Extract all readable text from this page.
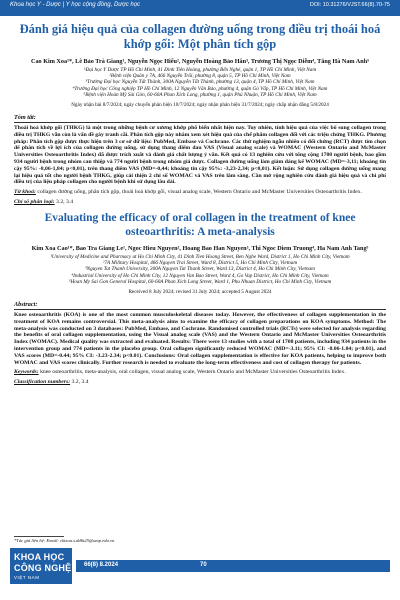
Khoa học Y - Dược | Y học cộng đồng, Dược học	DOI: 10.31276/VJST.66(8).70-75
Đánh giá hiệu quả của collagen đường uống trong điều trị thoái hoá khớp gối: Một phân tích gộp
Cao Kim Xoa¹*, Lê Bảo Trà Giang¹, Nguyễn Ngọc Hiếu², Nguyễn Hoàng Bảo Hân³, Trương Thị Ngọc Diễm⁴, Tăng Hà Nam Anh⁵
¹Đại học Y Dược TP Hồ Chí Minh, 41 Đinh Tiên Hoàng, phường Bến Nghé, quận 1, TP Hồ Chí Minh, Việt Nam
²Bệnh viện Quân y 7A, 466 Nguyễn Trãi, phường 8, quận 5, TP Hồ Chí Minh, Việt Nam
³Trường Đại học Nguyễn Tất Thành, 300A Nguyễn Tất Thành, phường 13, quận 4, TP Hồ Chí Minh, Việt Nam
⁴Trường Đại học Công nghiệp TP Hồ Chí Minh, 12 Nguyễn Văn Bảo, phường 4, quận Gò Vấp, TP Hồ Chí Minh, Việt Nam
⁵Bệnh viện Hoàn Mỹ Sài Gòn, 60-60A Phan Xích Long, phường 1, quận Phú Nhuận, TP Hồ Chí Minh, Việt Nam
Ngày nhận bài 8/7/2024; ngày chuyển phản biện 10/7/2024; ngày nhận phản biện 31/7/2024; ngày chấp nhận đăng 5/8/2024
Tóm tắt:
Thoái hoá khớp gối (THKG) là một trong những bệnh cơ xương khớp phổ biến nhất hiện nay. Tuy nhiên, tính hiệu quả của việc bổ sung collagen trong điều trị THKG vẫn còn là vấn đề gây tranh cãi. Phân tích gộp này nhằm xem xét hiệu quả của chế phẩm collagen đối với các triệu chứng THKG. Phương pháp: Phân tích gộp được thực hiện trên 3 cơ sở dữ liệu: PubMed, Embase và Cochrane. Các thử nghiệm ngẫu nhiên có đối chứng (RCT) được tìm chọn để phân tích về lợi ích của collagen đường uống, sử dụng thang điểm đau VAS (Visual analog scale) và WOMAC (Western Ontario and McMaster Universities Osteoarthritis Index) đã được trích xuất và đánh giá chất lượng ý văn. Kết quả có 13 nghiên cứu với tổng cộng 1708 người bệnh, bao gồm 934 người bệnh trong nhóm can thiệp và 774 người bệnh trong nhóm giả dược. Collagen đường uống làm giảm đáng kể WOMAC (MD=-3,11; khoảng tin cậy 95%: -8,06-1,84; p<0,01), trên thang điểm VAS (MD=-0,44; khoảng tin cậy 95%: -3,23-2,34; p<0,01). Kết luận: Sử dụng collagen đường uống mang lại hiệu quả tốt cho người bệnh THKG, giúp cải thiện 2 chỉ số WOMAC và VAS trên lâm sàng. Cần mở rộng nghiên cứu đánh giá hiệu quả và chi phí điều trị của liệu pháp collagen cho người bệnh khi sử dụng lâu dài.
Từ khoá: collagen đường uống, phân tích gộp, thoái hoá khớp gối, visual analog scale, Western Ontario and McMaster Universities Osteoarthritis Index.
Chỉ số phân loại: 3.2, 3.4
Evaluating the efficacy of oral collagen in the treatment of knee osteoarthritis: A meta-analysis
Kim Xoa Cao¹*, Bao Tra Giang Le¹, Ngoc Hieu Nguyen², Hoang Bao Han Nguyen³, Thi Ngoc Diem Truong⁴, Ha Nam Anh Tang⁵
¹University of Medicine and Pharmacy at Ho Chi Minh City, 41 Dinh Tien Hoang Street, Ben Nghe Ward, District 1, Ho Chi Minh City, Vietnam
²7A Military Hospital, 466 Nguyen Trai Street, Ward 8, District 5, Ho Chi Minh City, Vietnam
³Nguyen Tat Thanh University, 300A Nguyen Tat Thanh Street, Ward 13, District 4, Ho Chi Minh City, Vietnam
⁴Industrial University of Ho Chi Minh City, 12 Nguyen Van Bao Street, Ward 4, Go Vap District, Ho Chi Minh City, Vietnam
⁵Hoan My Sai Gon General Hospital, 60-60A Phan Xich Long Street, Ward 1, Phu Nhuan District, Ho Chi Minh City, Vietnam
Received 8 July 2024; revised 31 July 2024; accepted 5 August 2024
Abstract:
Knee osteoarthritis (KOA) is one of the most common musculoskeletal diseases today. However, the effectiveness of collagen supplementation in the treatment of KOA remains controversial. This meta-analysis aims to examine the efficacy of collagen preparations on KOA symptoms. Method: The meta-analysis was conducted on 3 databases: PubMed, Embase, and Cochrane. Randomised controlled trials (RCTs) were selected for analysis regarding the benefits of oral collagen supplementation, using the Visual analog scale (VAS) and the Western Ontario and McMaster Universities Osteoarthritis Index (WOMAC). Medical quality was extracted and evaluated. Results: There were 13 studies with a total of 1708 patients, including 934 patients in the intervention group and 774 patients in the placebo group. Oral collagen significantly reduced WOMAC (MD=-3.11; 95% CI: -8.06-1.84; p<0.01), and VAS scores (MD=-0.44; 95% CI: -3.23-2.34; p<0.01). Conclusions: Oral collagen supplementation is effective for KOA patients, helping to improve both WOMAC and VAS scores clinically. Further research is needed to evaluate the long-term effectiveness and cost of collagen therapy for patients.
Keywords: knee osteoarthritis, meta-analysis, oral collagen, visual analog scale, Western Ontario and McMaster Universities Osteoarthritis Index.
Classification numbers: 3.2, 3.4
*Tác giả liên hệ: Email: cktxoa.s.dd6t25@ump.edu.vn
KHOA HỌC
CÔNG NGHỆ
VIỆT NAM
66(8) 8.2024	70
